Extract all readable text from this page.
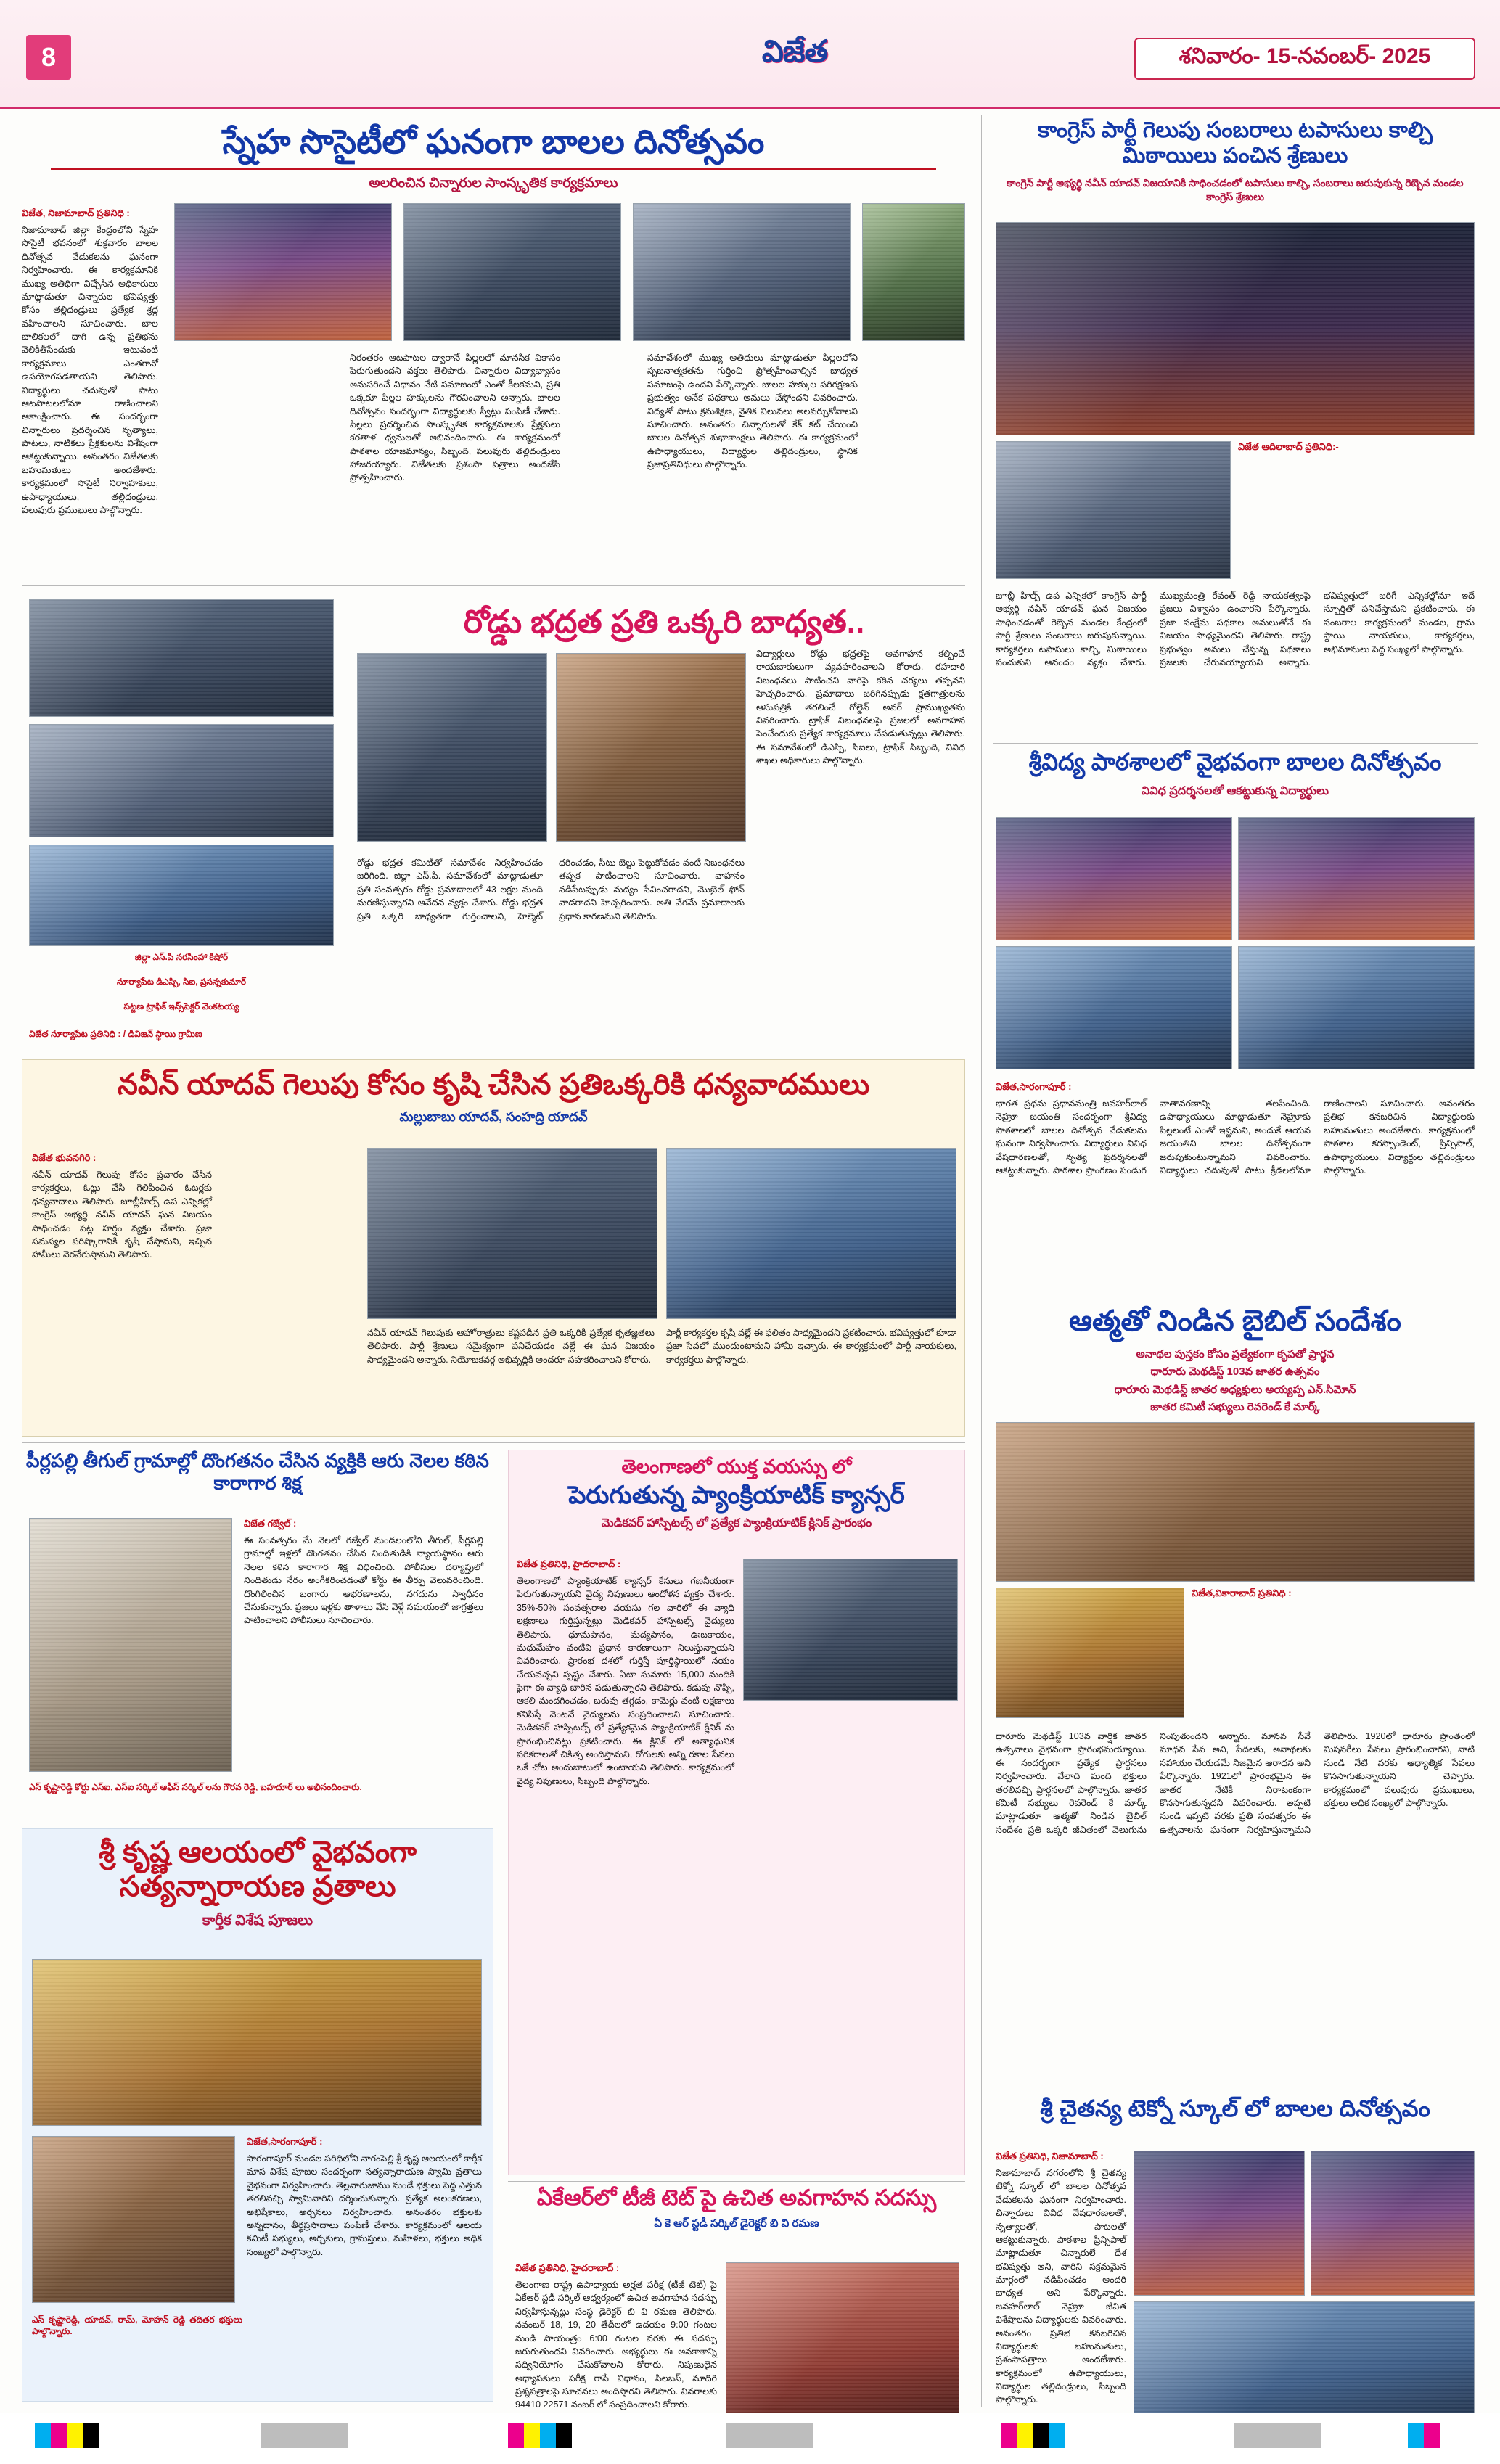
8	విజేత	శనివారం- 15-నవంబర్- 2025
స్నేహ సొసైటీలో ఘనంగా బాలల దినోత్సవం
అలరించిన చిన్నారుల సాంస్కృతిక కార్యక్రమాలు
విజేత, నిజామాబాద్ ప్రతినిధి :
నిజామాబాద్ జిల్లా కేంద్రంలోని స్నేహ సొసైటీ భవనంలో శుక్రవారం బాలల దినోత్సవ వేడుకలను ఘనంగా నిర్వహించారు. ఈ కార్యక్రమానికి ముఖ్య అతిథిగా విచ్చేసిన అధికారులు మాట్లాడుతూ చిన్నారుల భవిష్యత్తు కోసం తల్లిదండ్రులు ప్రత్యేక శ్రద్ధ వహించాలని సూచించారు. బాల బాలికలలో దాగి ఉన్న ప్రతిభను వెలికితీసేందుకు ఇటువంటి కార్యక్రమాలు ఎంతగానో ఉపయోగపడతాయని తెలిపారు. విద్యార్థులు చదువుతో పాటు ఆటపాటలలోనూ రాణించాలని ఆకాంక్షించారు. ఈ సందర్భంగా చిన్నారులు ప్రదర్శించిన నృత్యాలు, పాటలు, నాటికలు ప్రేక్షకులను విశేషంగా ఆకట్టుకున్నాయి. అనంతరం విజేతలకు బహుమతులు అందజేశారు. కార్యక్రమంలో సొసైటీ నిర్వాహకులు, ఉపాధ్యాయులు, తల్లిదండ్రులు, పలువురు ప్రముఖులు పాల్గొన్నారు.
నిరంతరం ఆటపాటల ద్వారానే పిల్లలలో మానసిక వికాసం పెరుగుతుందని వక్తలు తెలిపారు. చిన్నారుల విద్యాభ్యాసం అనుసరించే విధానం నేటి సమాజంలో ఎంతో కీలకమని, ప్రతి ఒక్కరూ పిల్లల హక్కులను గౌరవించాలని అన్నారు. బాలల దినోత్సవం సందర్భంగా విద్యార్థులకు స్వీట్లు పంపిణీ చేశారు. పిల్లలు ప్రదర్శించిన సాంస్కృతిక కార్యక్రమాలకు ప్రేక్షకులు కరతాళ ధ్వనులతో అభినందించారు. ఈ కార్యక్రమంలో పాఠశాల యాజమాన్యం, సిబ్బంది, పలువురు తల్లిదండ్రులు హాజరయ్యారు. విజేతలకు ప్రశంసా పత్రాలు అందజేసి ప్రోత్సహించారు.
సమావేశంలో ముఖ్య అతిథులు మాట్లాడుతూ పిల్లలలోని సృజనాత్మకతను గుర్తించి ప్రోత్సహించాల్సిన బాధ్యత సమాజంపై ఉందని పేర్కొన్నారు. బాలల హక్కుల పరిరక్షణకు ప్రభుత్వం అనేక పథకాలు అమలు చేస్తోందని వివరించారు. విద్యతో పాటు క్రమశిక్షణ, నైతిక విలువలు అలవర్చుకోవాలని సూచించారు. అనంతరం చిన్నారులతో కేక్ కట్ చేయించి బాలల దినోత్సవ శుభాకాంక్షలు తెలిపారు. ఈ కార్యక్రమంలో ఉపాధ్యాయులు, విద్యార్థుల తల్లిదండ్రులు, స్థానిక ప్రజాప్రతినిధులు పాల్గొన్నారు.
రోడ్డు భద్రత ప్రతి ఒక్కరి బాధ్యత..
జిల్లా ఎస్.పి నరసింహా కిషోర్
సూర్యాపేట డిఎస్పి, సిఐ, ప్రసన్నకుమార్
పట్టణ ట్రాఫిక్ ఇన్స్‌పెక్టర్ వెంకటయ్య
విజేత సూర్యాపేట ప్రతినిధి : / డివిజన్ స్థాయి గ్రామీణ
విద్యార్థులు రోడ్డు భద్రతపై అవగాహన కల్పించే రాయబారులుగా వ్యవహరించాలని కోరారు. రహదారి నిబంధనలు పాటించని వారిపై కఠిన చర్యలు తప్పవని హెచ్చరించారు. ప్రమాదాలు జరిగినప్పుడు క్షతగాత్రులను ఆసుపత్రికి తరలించే గోల్డెన్ అవర్ ప్రాముఖ్యతను వివరించారు. ట్రాఫిక్ నిబంధనలపై ప్రజలలో అవగాహన పెంచేందుకు ప్రత్యేక కార్యక్రమాలు చేపడుతున్నట్లు తెలిపారు. ఈ సమావేశంలో డిఎస్పి, సిఐలు, ట్రాఫిక్ సిబ్బంది, వివిధ శాఖల అధికారులు పాల్గొన్నారు.
రోడ్డు భద్రత కమిటీతో సమావేశం నిర్వహించడం జరిగింది. జిల్లా ఎస్.పి. సమావేశంలో మాట్లాడుతూ ప్రతి సంవత్సరం రోడ్డు ప్రమాదాలలో 43 లక్షల మంది మరణిస్తున్నారని ఆవేదన వ్యక్తం చేశారు. రోడ్డు భద్రత ప్రతి ఒక్కరి బాధ్యతగా గుర్తించాలని, హెల్మెట్ ధరించడం, సీటు బెల్టు పెట్టుకోవడం వంటి నిబంధనలు తప్పక పాటించాలని సూచించారు. వాహనం నడిపేటప్పుడు మద్యం సేవించరాదని, మొబైల్ ఫోన్ వాడరాదని హెచ్చరించారు. అతి వేగమే ప్రమాదాలకు ప్రధాన కారణమని తెలిపారు.
నవీన్ యాదవ్ గెలుపు కోసం కృషి చేసిన ప్రతిఒక్కరికి ధన్యవాదములు
మల్లుబాబు యాదవ్, సంహద్రి యాదవ్
విజేత భువనగిరి :
నవీన్ యాదవ్ గెలుపు కోసం ప్రచారం చేసిన కార్యకర్తలు, ఓట్లు వేసి గెలిపించిన ఓటర్లకు ధన్యవాదాలు తెలిపారు. జూబ్లీహిల్స్ ఉప ఎన్నికల్లో కాంగ్రెస్ అభ్యర్థి నవీన్ యాదవ్ ఘన విజయం సాధించడం పట్ల హర్షం వ్యక్తం చేశారు. ప్రజా సమస్యల పరిష్కారానికి కృషి చేస్తామని, ఇచ్చిన హామీలు నెరవేరుస్తామని తెలిపారు.
నవీన్ యాదవ్ గెలుపుకు ఆహోరాత్రులు కష్టపడిన ప్రతి ఒక్కరికి ప్రత్యేక కృతజ్ఞతలు తెలిపారు. పార్టీ శ్రేణులు సమైక్యంగా పనిచేయడం వల్లే ఈ ఘన విజయం సాధ్యమైందని అన్నారు. నియోజకవర్గ అభివృద్ధికి అందరూ సహకరించాలని కోరారు.
పార్టీ కార్యకర్తల కృషి వల్లే ఈ ఫలితం సాధ్యమైందని ప్రకటించారు. భవిష్యత్తులో కూడా ప్రజా సేవలో ముందుంటామని హామీ ఇచ్చారు. ఈ కార్యక్రమంలో పార్టీ నాయకులు, కార్యకర్తలు పాల్గొన్నారు.
పీర్లపల్లి తీగుల్ గ్రామాల్లో దొంగతనం చేసిన వ్యక్తికి ఆరు నెలల కఠిన కారాగార శిక్ష
విజేత గజ్వేల్ :
ఈ సంవత్సరం మే నెలలో గజ్వేల్ మండలంలోని తీగుల్, పీర్లపల్లి గ్రామాల్లో ఇళ్లలో దొంగతనం చేసిన నిందితుడికి న్యాయస్థానం ఆరు నెలల కఠిన కారాగార శిక్ష విధించింది. పోలీసుల దర్యాప్తులో నిందితుడు నేరం అంగీకరించడంతో కోర్టు ఈ తీర్పు వెలువరించింది. దొంగిలించిన బంగారు ఆభరణాలను, నగదును స్వాధీనం చేసుకున్నారు. ప్రజలు ఇళ్లకు తాళాలు వేసి వెళ్లే సమయంలో జాగ్రత్తలు పాటించాలని పోలీసులు సూచించారు.
ఎస్ కృష్ణారెడ్డి కోర్టు ఎస్ఐ, ఎస్ఐ సర్కిల్ ఆఫీస్ సర్కిల్ లను గౌరవ రెడ్డి, బహదూర్ లు అభినందించారు.
శ్రీ కృష్ణ ఆలయంలో వైభవంగా సత్యన్నారాయణ వ్రతాలు
కార్తీక విశేష పూజలు
విజేత,సారంగాపూర్ :
సారంగాపూర్ మండల పరిధిలోని నాగంపెల్లి శ్రీ కృష్ణ ఆలయంలో కార్తీక మాస విశేష పూజల సందర్భంగా సత్యన్నారాయణ స్వామి వ్రతాలు వైభవంగా నిర్వహించారు. తెల్లవారుజాము నుండే భక్తులు పెద్ద ఎత్తున తరలివచ్చి స్వామివారిని దర్శించుకున్నారు. ప్రత్యేక అలంకరణలు, అభిషేకాలు, అర్చనలు నిర్వహించారు. అనంతరం భక్తులకు అన్నదానం, తీర్థప్రసాదాలు పంపిణీ చేశారు. కార్యక్రమంలో ఆలయ కమిటీ సభ్యులు, అర్చకులు, గ్రామస్తులు, మహిళలు, భక్తులు అధిక సంఖ్యలో పాల్గొన్నారు.
ఎస్ కృష్ణారెడ్డి, యాదవ్, రామ్, మోహన్ రెడ్డి తదితర భక్తులు పాల్గొన్నారు.
తెలంగాణలో యుక్త వయస్సు లో
పెరుగుతున్న ప్యాంక్రియాటిక్ క్యాన్సర్
మెడికవర్ హాస్పిటల్స్ లో ప్రత్యేక ప్యాంక్రియాటిక్ క్లినిక్ ప్రారంభం
విజేత ప్రతినిధి, హైదరాబాద్ :
తెలంగాణలో ప్యాంక్రియాటిక్ క్యాన్సర్ కేసులు గణనీయంగా పెరుగుతున్నాయని వైద్య నిపుణులు ఆందోళన వ్యక్తం చేశారు. 35%-50% సంవత్సరాల వయసు గల వారిలో ఈ వ్యాధి లక్షణాలు గుర్తిస్తున్నట్లు మెడికవర్ హాస్పిటల్స్ వైద్యులు తెలిపారు. ధూమపానం, మద్యపానం, ఊబకాయం, మధుమేహం వంటివి ప్రధాన కారణాలుగా నిలుస్తున్నాయని వివరించారు. ప్రారంభ దశలో గుర్తిస్తే పూర్తిస్థాయిలో నయం చేయవచ్చని స్పష్టం చేశారు. ఏటా సుమారు 15,000 మందికి పైగా ఈ వ్యాధి బారిన పడుతున్నారని తెలిపారు. కడుపు నొప్పి, ఆకలి మందగించడం, బరువు తగ్గడం, కామెర్లు వంటి లక్షణాలు కనిపిస్తే వెంటనే వైద్యులను సంప్రదించాలని సూచించారు. మెడికవర్ హాస్పిటల్స్ లో ప్రత్యేకమైన ప్యాంక్రియాటిక్ క్లినిక్ ను ప్రారంభించినట్లు ప్రకటించారు. ఈ క్లినిక్ లో అత్యాధునిక పరికరాలతో చికిత్స అందిస్తామని, రోగులకు అన్ని రకాల సేవలు ఒకే చోట అందుబాటులో ఉంటాయని తెలిపారు. కార్యక్రమంలో వైద్య నిపుణులు, సిబ్బంది పాల్గొన్నారు.
ఏకేఆర్‌లో టీజీ టెట్ పై ఉచిత అవగాహన సదస్సు
ఏ కె ఆర్ స్టడీ సర్కిల్ డైరెక్టర్ బి వి రమణ
విజేత ప్రతినిధి, హైదరాబాద్ :
తెలంగాణ రాష్ట్ర ఉపాధ్యాయ అర్హత పరీక్ష (టీజీ టెట్) పై ఏకేఆర్ స్టడీ సర్కిల్ ఆధ్వర్యంలో ఉచిత అవగాహన సదస్సు నిర్వహిస్తున్నట్లు సంస్థ డైరెక్టర్ బి వి రమణ తెలిపారు. నవంబర్ 18, 19, 20 తేదీలలో ఉదయం 9:00 గంటల నుండి సాయంత్రం 6:00 గంటల వరకు ఈ సదస్సు జరుగుతుందని వివరించారు. అభ్యర్థులు ఈ అవకాశాన్ని సద్వినియోగం చేసుకోవాలని కోరారు. నిపుణులైన అధ్యాపకులు పరీక్ష రాసే విధానం, సిలబస్, మాదిరి ప్రశ్నపత్రాలపై సూచనలు అందిస్తారని తెలిపారు. వివరాలకు 94410 22571 నంబర్ లో సంప్రదించాలని కోరారు.
కాంగ్రెస్ పార్టీ గెలుపు సంబరాలు టపాసులు కాల్చి మిఠాయిలు పంచిన శ్రేణులు
కాంగ్రెస్ పార్టీ అభ్యర్థి నవీన్ యాదవ్ విజయానికి సాధించడంలో టపాసులు కాల్చి, సంబరాలు జరుపుకున్న రెబ్బెన మండల కాంగ్రెస్ శ్రేణులు
విజేత ఆదిలాబాద్ ప్రతినిధి:-
జూబ్లీ హిల్స్ ఉప ఎన్నికలో కాంగ్రెస్ పార్టీ అభ్యర్థి నవీన్ యాదవ్ ఘన విజయం సాధించడంతో రెబ్బెన మండల కేంద్రంలో పార్టీ శ్రేణులు సంబరాలు జరుపుకున్నాయి. కార్యకర్తలు టపాసులు కాల్చి, మిఠాయిలు పంచుకుని ఆనందం వ్యక్తం చేశారు. ముఖ్యమంత్రి రేవంత్ రెడ్డి నాయకత్వంపై ప్రజలు విశ్వాసం ఉంచారని పేర్కొన్నారు. ప్రజా సంక్షేమ పథకాల అమలుతోనే ఈ విజయం సాధ్యమైందని తెలిపారు. రాష్ట్ర ప్రభుత్వం అమలు చేస్తున్న పథకాలు ప్రజలకు చేరువయ్యాయని అన్నారు. భవిష్యత్తులో జరిగే ఎన్నికల్లోనూ ఇదే స్ఫూర్తితో పనిచేస్తామని ప్రకటించారు. ఈ సంబరాల కార్యక్రమంలో మండల, గ్రామ స్థాయి నాయకులు, కార్యకర్తలు, అభిమానులు పెద్ద సంఖ్యలో పాల్గొన్నారు.
శ్రీవిద్య పాఠశాలలో వైభవంగా బాలల దినోత్సవం
వివిధ ప్రదర్శనలతో ఆకట్టుకున్న విద్యార్థులు
విజేత,సారంగాపూర్ :
భారత ప్రథమ ప్రధానమంత్రి జవహర్‌లాల్ నెహ్రూ జయంతి సందర్భంగా శ్రీవిద్య పాఠశాలలో బాలల దినోత్సవ వేడుకలను ఘనంగా నిర్వహించారు. విద్యార్థులు వివిధ వేషధారణలతో, నృత్య ప్రదర్శనలతో ఆకట్టుకున్నారు. పాఠశాల ప్రాంగణం పండుగ వాతావరణాన్ని తలపించింది. ఉపాధ్యాయులు మాట్లాడుతూ నెహ్రూకు పిల్లలంటే ఎంతో ఇష్టమని, అందుకే ఆయన జయంతిని బాలల దినోత్సవంగా జరుపుకుంటున్నామని వివరించారు. విద్యార్థులు చదువుతో పాటు క్రీడలలోనూ రాణించాలని సూచించారు. అనంతరం ప్రతిభ కనబరిచిన విద్యార్థులకు బహుమతులు అందజేశారు. కార్యక్రమంలో పాఠశాల కరస్పాండెంట్, ప్రిన్సిపాల్, ఉపాధ్యాయులు, విద్యార్థుల తల్లిదండ్రులు పాల్గొన్నారు.
ఆత్మతో నిండిన బైబిల్ సందేశం
అనాథల పుస్తకం కోసం ప్రత్యేకంగా కృపతో ప్రార్థన
ధారూరు మెథడిస్ట్ 103వ జాతర ఉత్సవం
ధారూరు మెథడిస్ట్ జాతర అధ్యక్షులు అయ్యప్ప ఎన్.సిమోన్
జాతర కమిటీ సభ్యులు రెవరెండ్ కే మార్క్
విజేత,వికారాబాద్ ప్రతినిధి :
ధారూరు మెథడిస్ట్ 103వ వార్షిక జాతర ఉత్సవాలు వైభవంగా ప్రారంభమయ్యాయి. ఈ సందర్భంగా ప్రత్యేక ప్రార్థనలు నిర్వహించారు. వేలాది మంది భక్తులు తరలివచ్చి ప్రార్థనలలో పాల్గొన్నారు. జాతర కమిటీ సభ్యులు రెవరెండ్ కే మార్క్ మాట్లాడుతూ ఆత్మతో నిండిన బైబిల్ సందేశం ప్రతి ఒక్కరి జీవితంలో వెలుగును నింపుతుందని అన్నారు. మానవ సేవే మాధవ సేవ అని, పేదలకు, అనాథలకు సహాయం చేయడమే నిజమైన ఆరాధన అని పేర్కొన్నారు. 1921లో ప్రారంభమైన ఈ జాతర నేటికీ నిరాటంకంగా కొనసాగుతున్నదని వివరించారు. అప్పటి నుండి ఇప్పటి వరకు ప్రతి సంవత్సరం ఈ ఉత్సవాలను ఘనంగా నిర్వహిస్తున్నామని తెలిపారు. 1920లో ధారూరు ప్రాంతంలో మిషనరీలు సేవలు ప్రారంభించారని, నాటి నుండి నేటి వరకు ఆధ్యాత్మిక సేవలు కొనసాగుతున్నాయని చెప్పారు. కార్యక్రమంలో పలువురు ప్రముఖులు, భక్తులు అధిక సంఖ్యలో పాల్గొన్నారు.
శ్రీ చైతన్య టెక్నో స్కూల్ లో బాలల దినోత్సవం
విజేత ప్రతినిధి, నిజామాబాద్ :
నిజామాబాద్ నగరంలోని శ్రీ చైతన్య టెక్నో స్కూల్ లో బాలల దినోత్సవ వేడుకలను ఘనంగా నిర్వహించారు. చిన్నారులు వివిధ వేషధారణలతో, నృత్యాలతో, పాటలతో ఆకట్టుకున్నారు. పాఠశాల ప్రిన్సిపాల్ మాట్లాడుతూ చిన్నారులే దేశ భవిష్యత్తు అని, వారిని సక్రమమైన మార్గంలో నడిపించడం అందరి బాధ్యత అని పేర్కొన్నారు. జవహర్‌లాల్ నెహ్రూ జీవిత విశేషాలను విద్యార్థులకు వివరించారు. అనంతరం ప్రతిభ కనబరిచిన విద్యార్థులకు బహుమతులు, ప్రశంసాపత్రాలు అందజేశారు. కార్యక్రమంలో ఉపాధ్యాయులు, విద్యార్థుల తల్లిదండ్రులు, సిబ్బంది పాల్గొన్నారు.
